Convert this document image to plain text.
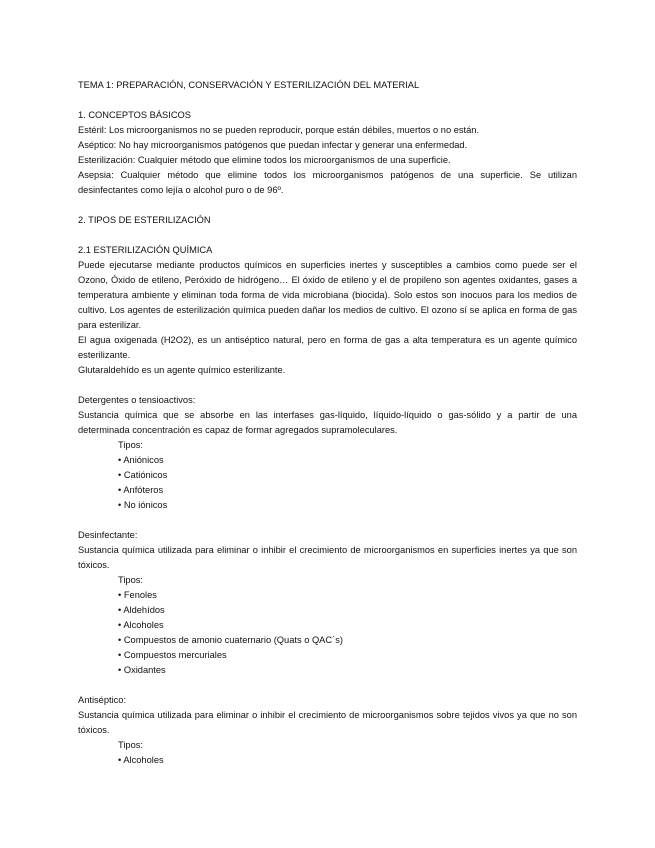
TEMA 1: PREPARACIÓN, CONSERVACIÓN Y ESTERILIZACIÓN DEL MATERIAL

1. CONCEPTOS BÁSICOS

Estéril: Los microorganismos no se pueden reproducir, porque están débiles, muertos o no están.

Aséptico: No hay microorganismos patógenos que puedan infectar y generar una enfermedad.

Esterilización: Cualquier método que elimine todos los microorganismos de una superficie.

Asepsia: Cualquier método que elimine todos los microorganismos patógenos de una superficie. Se utilizan desinfectantes como lejía o alcohol puro o de 96º.

2. TIPOS DE ESTERILIZACIÓN

2.1 ESTERILIZACIÓN QUÍMICA

Puede ejecutarse mediante productos químicos en superficies inertes y susceptibles a cambios como puede ser el Ozono, Óxido de etileno, Peróxido de hidrógeno… El óxido de etileno y el de propileno son agentes oxidantes, gases a temperatura ambiente y eliminan toda forma de vida microbiana (biocida). Solo estos son inocuos para los medios de cultivo. Los agentes de esterilización química pueden dañar los medios de cultivo. El ozono sí se aplica en forma de gas para esterilizar.

El agua oxigenada (H2O2), es un antiséptico natural, pero en forma de gas a alta temperatura es un agente químico esterilizante.

Glutaraldehído es un agente químico esterilizante.

Detergentes o tensioactivos:

Sustancia química que se absorbe en las interfases gas-líquido, líquido-líquido o gas-sólido y a partir de una determinada concentración es capaz de formar agregados supramoleculares.

Tipos:

• Aniónicos
• Catiónicos
• Anfóteros
• No iónicos

Desinfectante:

Sustancia química utilizada para eliminar o inhibir el crecimiento de microorganismos en superficies inertes ya que son tóxicos.

Tipos:

• Fenoles
• Aldehídos
• Alcoholes
• Compuestos de amonio cuaternario (Quats o QAC´s)
• Compuestos mercuriales
• Oxidantes

Antiséptico:

Sustancia química utilizada para eliminar o inhibir el crecimiento de microorganismos sobre tejidos vivos ya que no son tóxicos.

Tipos:

• Alcoholes
